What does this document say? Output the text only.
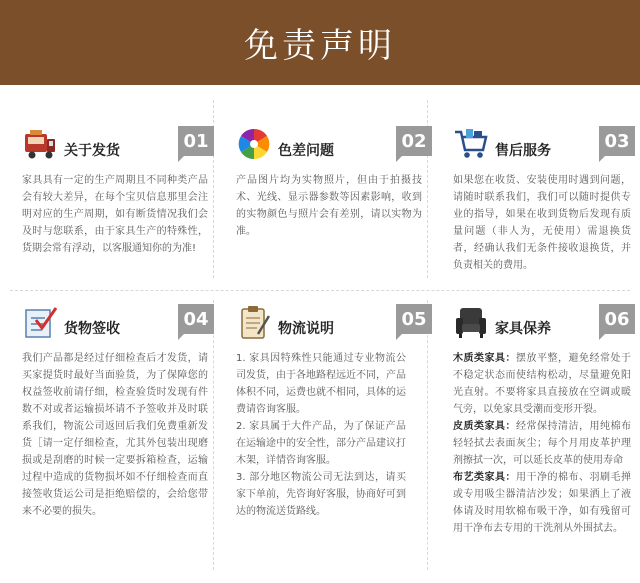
免责声明
关于发货	01
家具具有一定的生产周期且不同种类产品会有较大差异，在每个宝贝信息那里会注明对应的生产周期，如有断货情况我们会及时与您联系，由于家具生产的特殊性，货期会常有浮动，以客服通知你的为准!
色差问题	02
产品图片均为实物照片，但由于拍摄技术、光线、显示器参数等因素影响，收到的实物颜色与照片会有差别，请以实物为准。
售后服务	03
如果您在收货、安装使用时遇到问题，请随时联系我们，我们可以随时提供专业的指导，如果在收到货物后发现有质量问题（非人为，无使用）需退换货者，经确认我们无条件接收退换货，并负责相关的费用。
货物签收	04
我们产品都是经过仔细检查后才发货，请买家提货时最好当面验货，为了保障您的权益签收前请仔细，检查验货时发现有件数不对或者运输损坏请不予签收并及时联系我们，物流公司返回后我们免费重新发货［请一定仔细检查，尤其外包装出现磨损或是刮磨的时候一定要拆箱检查，运输过程中造成的货物损坏如不仔细检查而直接签收货运公司是拒绝赔偿的，会给您带来不必要的损失。
物流说明	05

1. 家具因特殊性只能通过专业物流公司发货，由于各地路程远近不同，产品体积不同，运费也就不相同，具体的运费请咨询客服。

2. 家具属于大件产品，为了保证产品在运输途中的安全性，部分产品建议打木架，详情咨询客服。

3. 部分地区物流公司无法到达，请买家下单前，先咨询好客服，协商好可到达的物流送货路线。

家具保养	06

木质类家具：摆放平整，避免经常处于不稳定状态而使结构松动，尽量避免阳光直射。不要将家具直接放在空调或暖气旁，以免家具受潮而变形开裂。

皮质类家具：经常保持清洁，用纯棉布轻轻拭去表面灰尘；每个月用皮革护理剂擦拭一次，可以延长皮革的使用寿命

布艺类家具：用干净的棉布、羽刷毛掸或专用吸尘器清洁沙发；如果洒上了液体请及时用软棉布吸干净，如有残留可用干净布去专用的干洗剂从外围拭去。
